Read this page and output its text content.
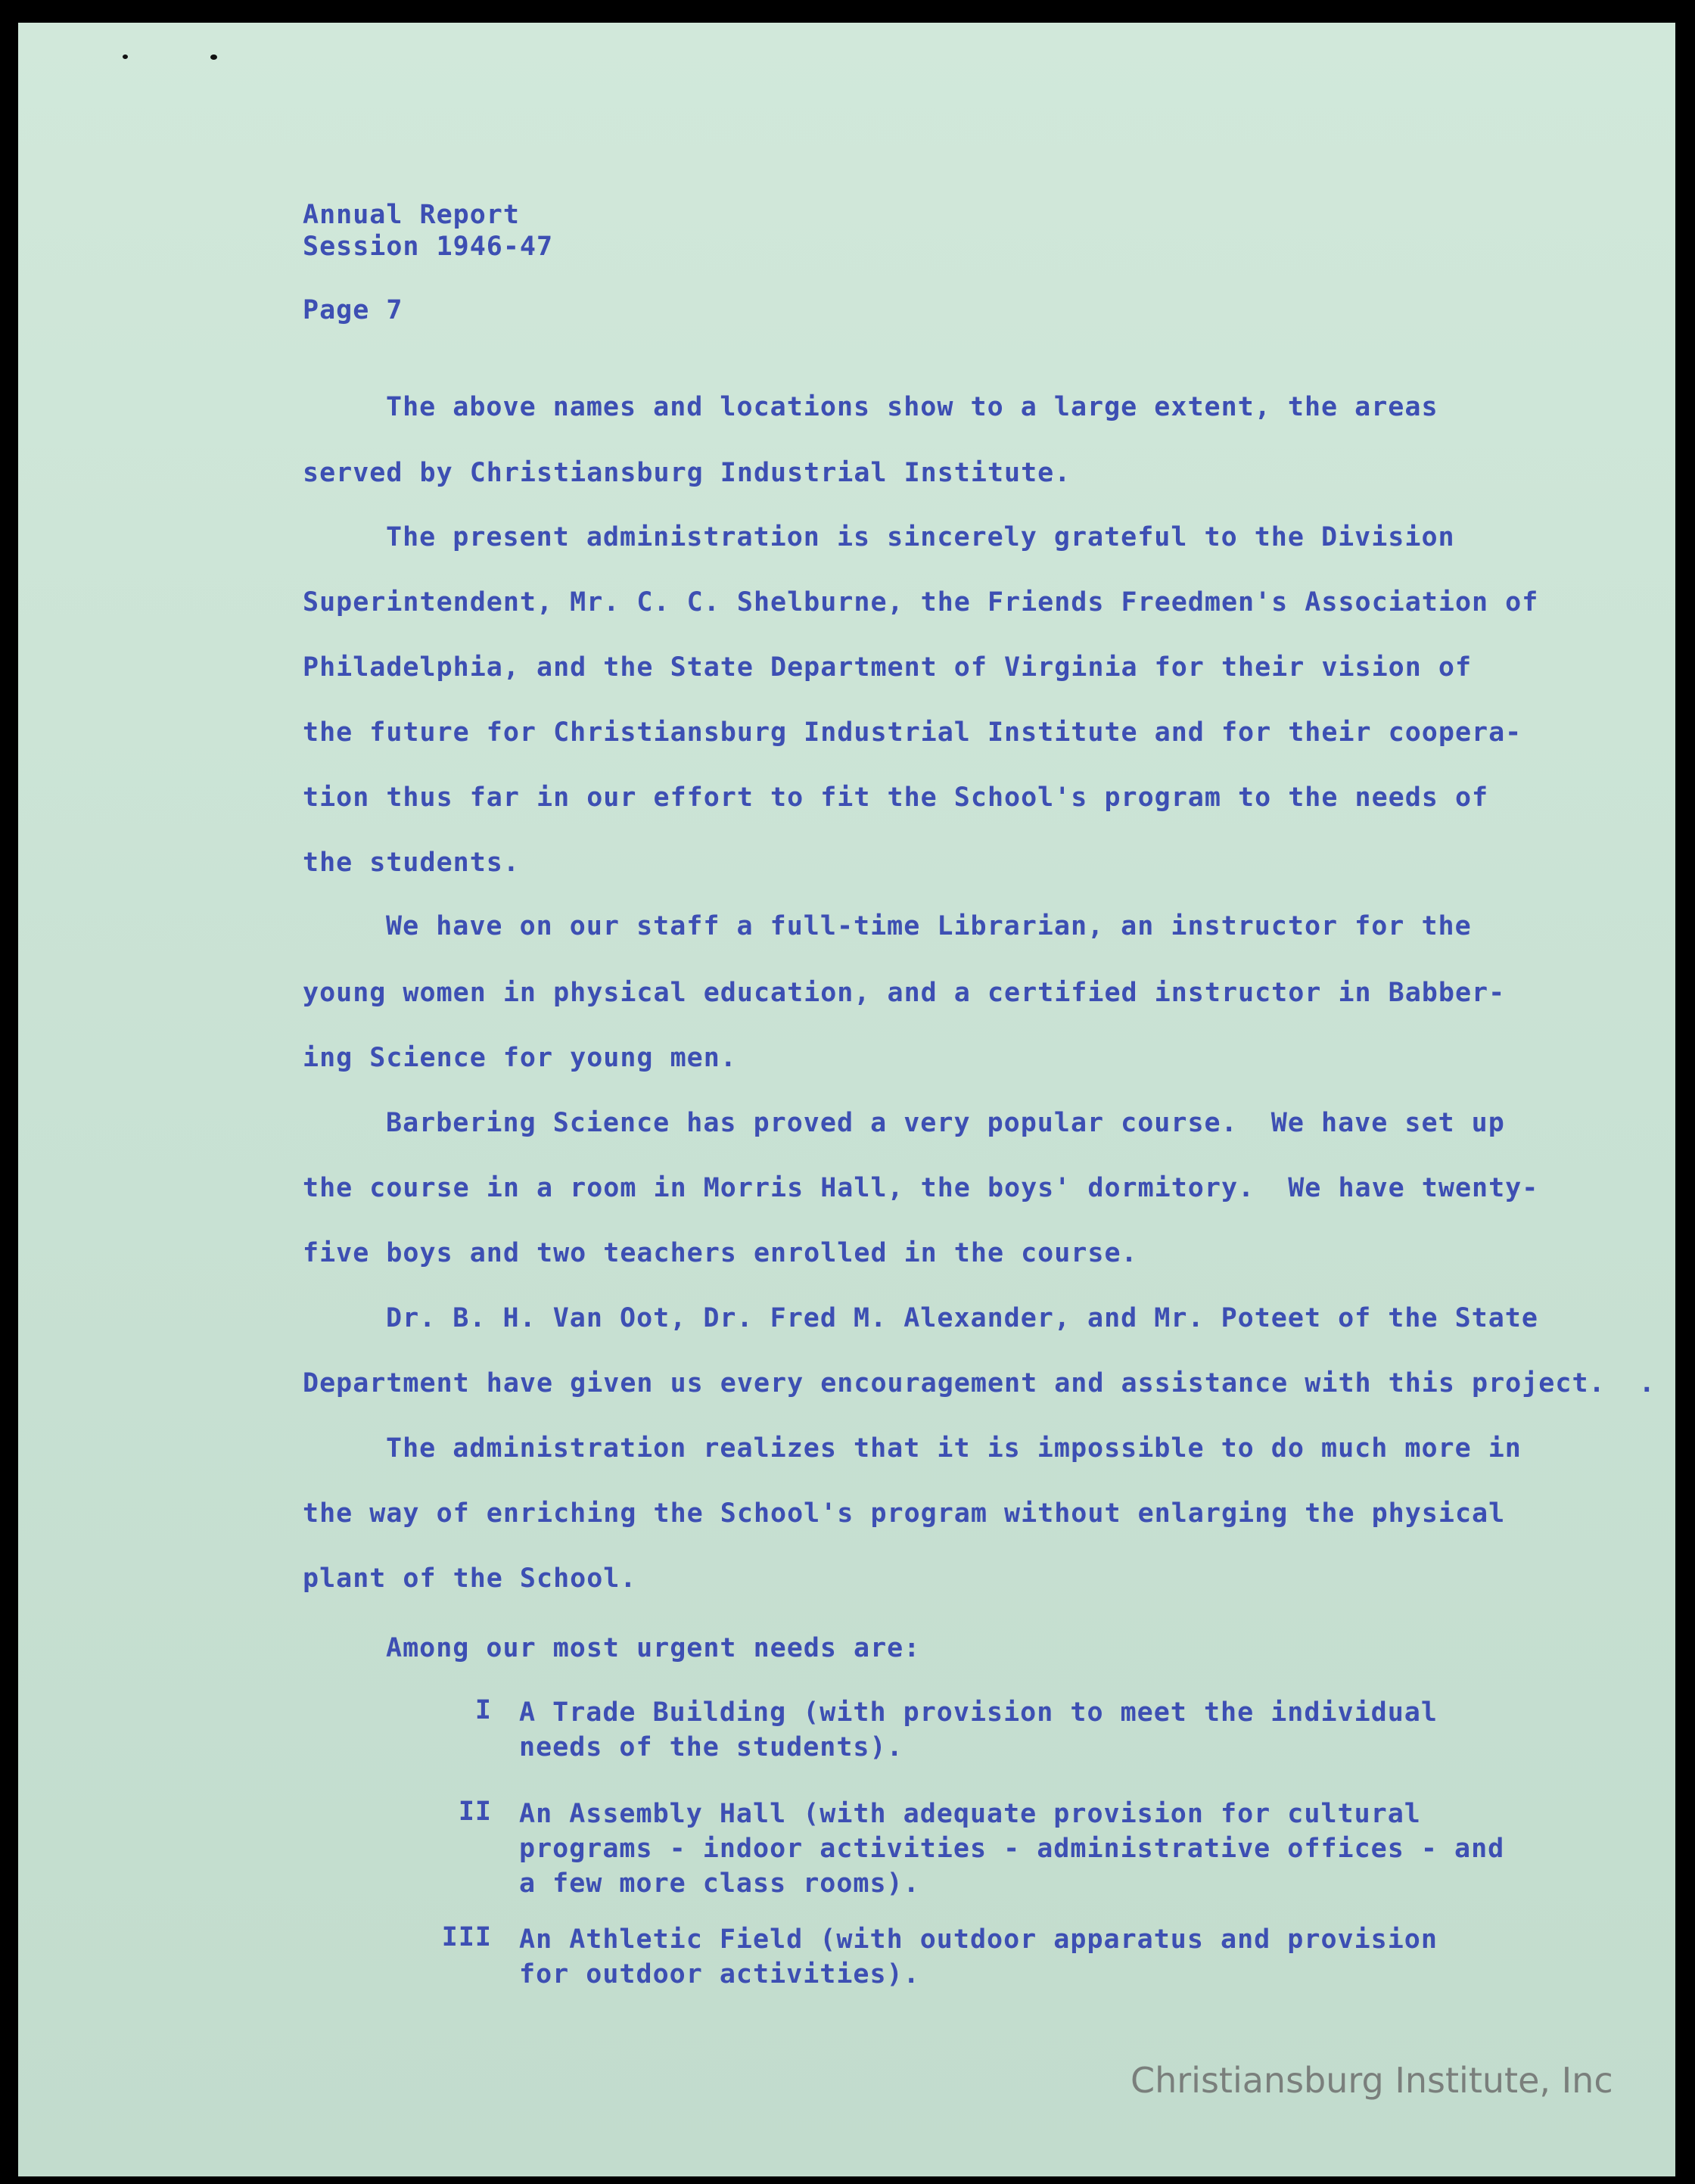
Annual Report

Session 1946-47

Page 7

The above names and locations show to a large extent, the areas

served by Christiansburg Industrial Institute.

The present administration is sincerely grateful to the Division

Superintendent, Mr. C. C. Shelburne, the Friends Freedmen's Association of

Philadelphia, and the State Department of Virginia for their vision of

the future for Christiansburg Industrial Institute and for their coopera-

tion thus far in our effort to fit the School's program to the needs of

the students.

We have on our staff a full-time Librarian, an instructor for the

young women in physical education, and a certified instructor in Babber-

ing Science for young men.

Barbering Science has proved a very popular course.  We have set up

the course in a room in Morris Hall, the boys' dormitory.  We have twenty-

five boys and two teachers enrolled in the course.

Dr. B. H. Van Oot, Dr. Fred M. Alexander, and Mr. Poteet of the State

Department have given us every encouragement and assistance with this project.  .

The administration realizes that it is impossible to do much more in

the way of enriching the School's program without enlarging the physical

plant of the School.

Among our most urgent needs are:

I A Trade Building (with provision to meet the individual
needs of the students).

II An Assembly Hall (with adequate provision for cultural
programs - indoor activities - administrative offices - and
a few more class rooms).

III An Athletic Field (with outdoor apparatus and provision
for outdoor activities).

Christiansburg Institute, Inc
